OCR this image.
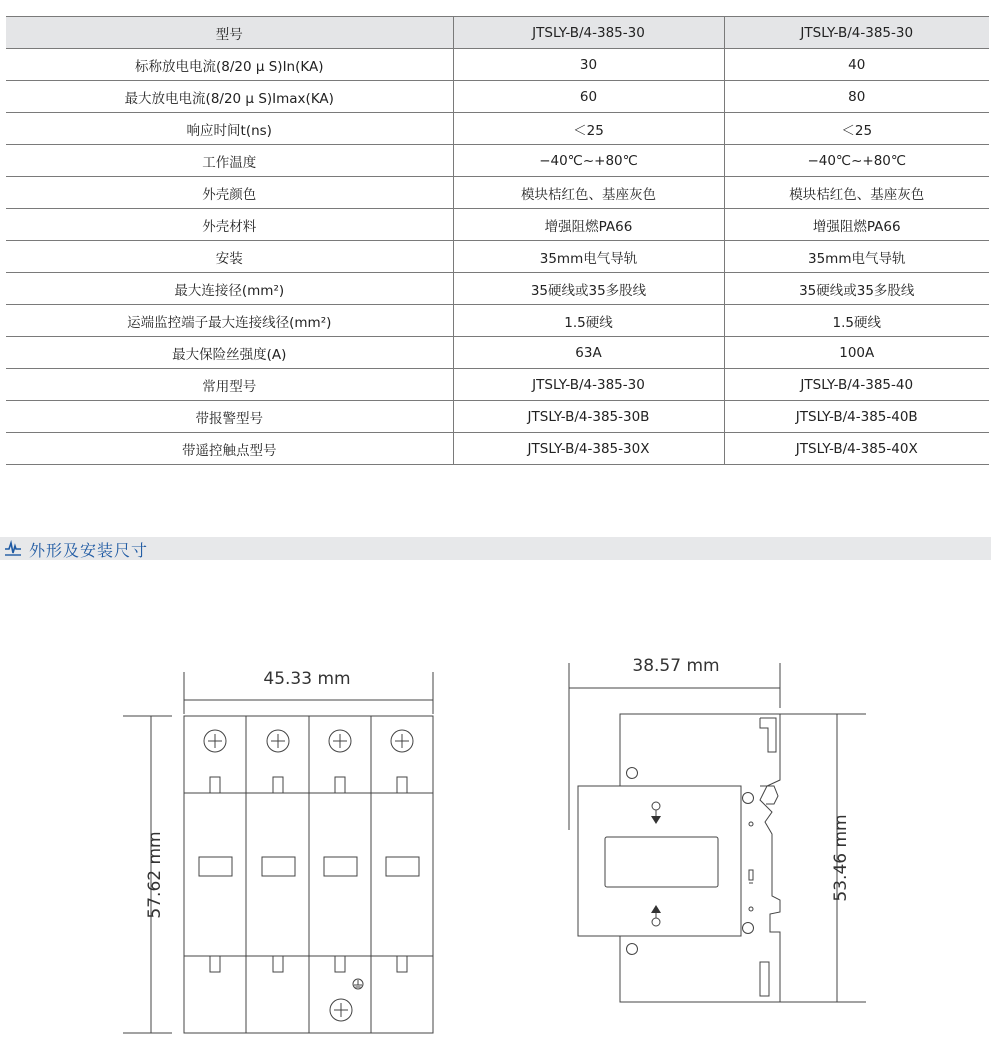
型号	JTSLY-B/4-385-30	JTSLY-B/4-385-30
标称放电电流(8/20 μ S)In(KA)	30	40
最大放电电流(8/20 μ S)Imax(KA)	60	80
响应时间t(ns)	＜25	＜25
工作温度	−40℃~+80℃	−40℃~+80℃
外壳颜色	模块桔红色、基座灰色	模块桔红色、基座灰色
外壳材料	增强阻燃PA66	增强阻燃PA66
安装	35mm电气导轨	35mm电气导轨
最大连接径(mm²)	35硬线或35多股线	35硬线或35多股线
运端监控端子最大连接线径(mm²)	1.5硬线	1.5硬线
最大保险丝强度(A)	63A	100A
常用型号	JTSLY-B/4-385-30	JTSLY-B/4-385-40
带报警型号	JTSLY-B/4-385-30B	JTSLY-B/4-385-40B
带遥控触点型号	JTSLY-B/4-385-30X	JTSLY-B/4-385-40X
外形及安装尺寸
45.33 mm
57.62 mm
38.57 mm
53.46 mm
